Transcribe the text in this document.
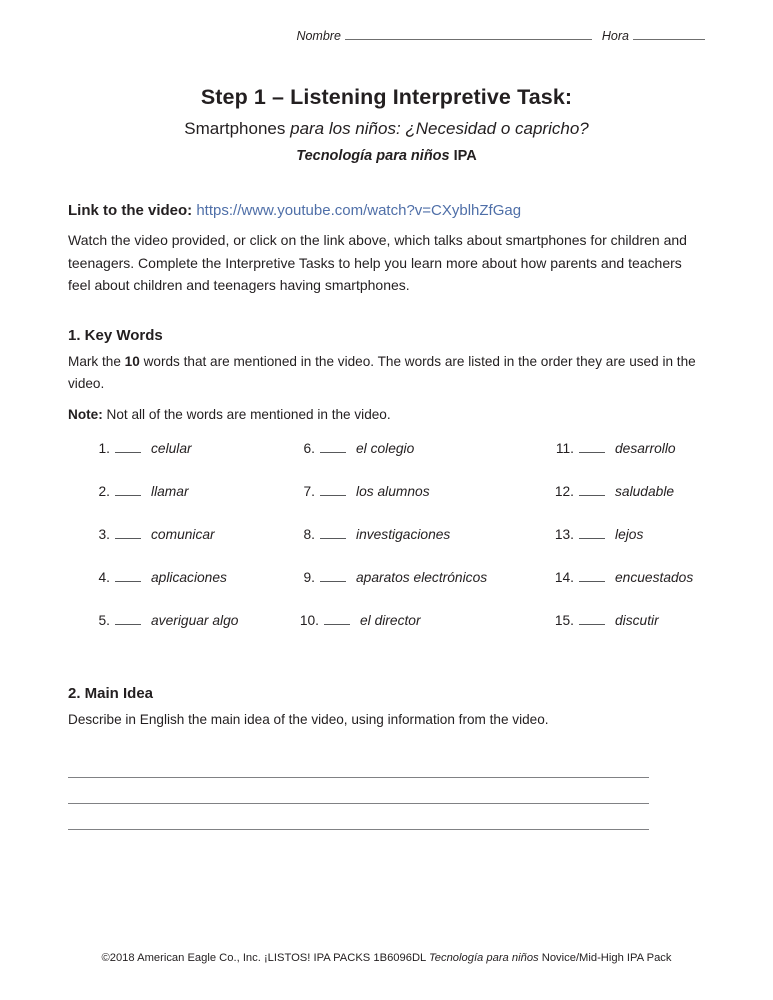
Nombre	Hora
Step 1 – Listening Interpretive Task:
Smartphones para los niños: ¿Necesidad o capricho?
Tecnología para niños IPA
Link to the video: https://www.youtube.com/watch?v=CXyblhZfGag
Watch the video provided, or click on the link above, which talks about smartphones for children and teenagers. Complete the Interpretive Tasks to help you learn more about how parents and teachers feel about children and teenagers having smartphones.
1. Key Words
Mark the 10 words that are mentioned in the video. The words are listed in the order they are used in the video.
Note: Not all of the words are mentioned in the video.
1.	celular
2.	llamar
3.	comunicar
4.	aplicaciones
5.	averiguar algo
6.	el colegio
7.	los alumnos
8.	investigaciones
9.	aparatos electrónicos
10.	el director
11.	desarrollo
12.	saludable
13.	lejos
14.	encuestados
15.	discutir
2. Main Idea
Describe in English the main idea of the video, using information from the video.
©2018 American Eagle Co., Inc. ¡LISTOS! IPA PACKS 1B6096DL Tecnología para niños Novice/Mid-High IPA Pack
